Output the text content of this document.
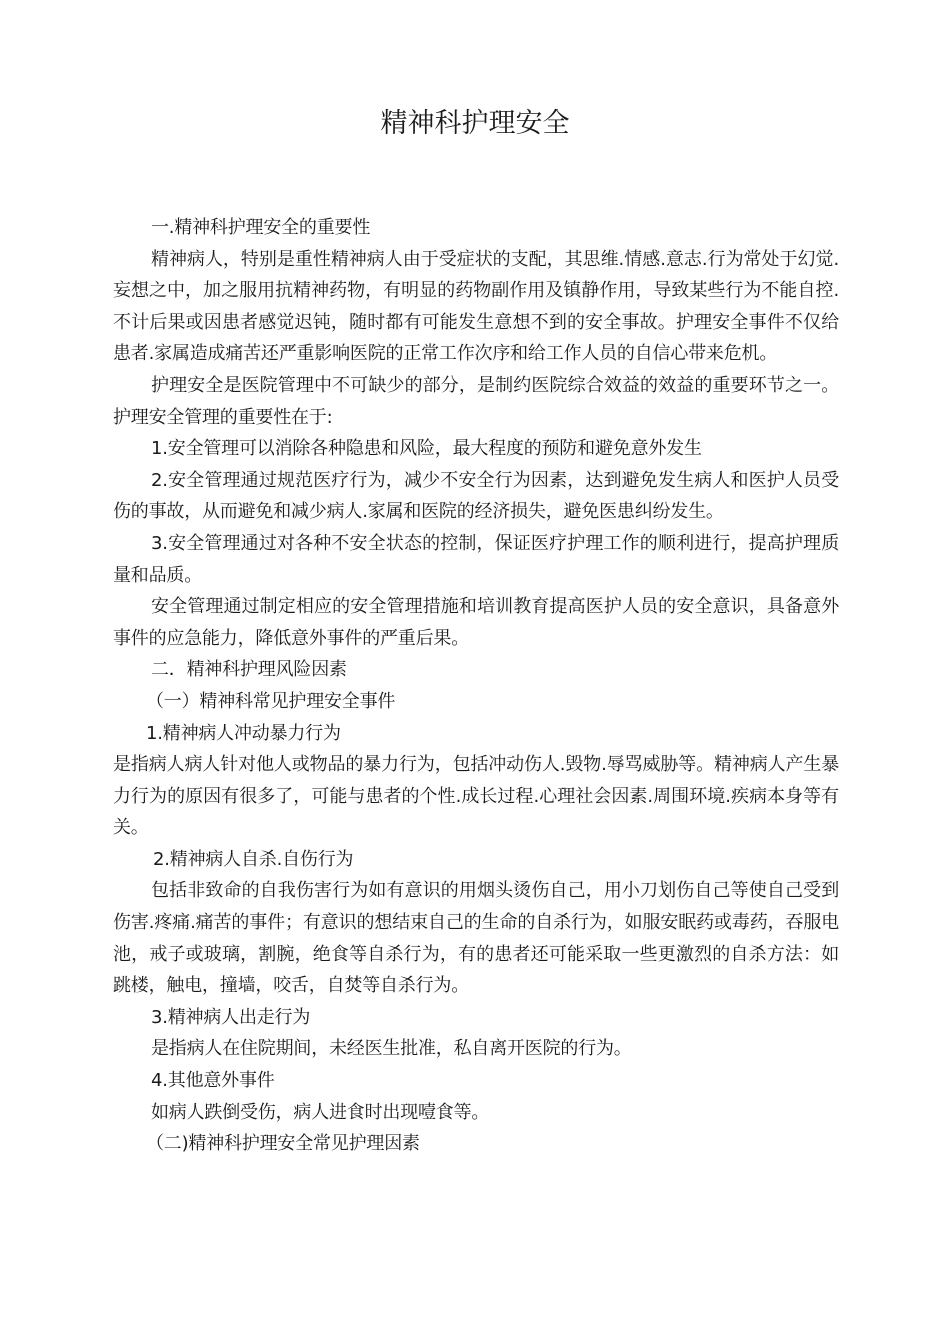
精神科护理安全

一.精神科护理安全的重要性

精神病人，特别是重性精神病人由于受症状的支配，其思维.情感.意志.行为常处于幻觉.妄想之中，加之服用抗精神药物，有明显的药物副作用及镇静作用，导致某些行为不能自控.不计后果或因患者感觉迟钝，随时都有可能发生意想不到的安全事故。护理安全事件不仅给患者.家属造成痛苦还严重影响医院的正常工作次序和给工作人员的自信心带来危机。

护理安全是医院管理中不可缺少的部分，是制约医院综合效益的效益的重要环节之一。护理安全管理的重要性在于:

1.安全管理可以消除各种隐患和风险，最大程度的预防和避免意外发生

2.安全管理通过规范医疗行为，减少不安全行为因素，达到避免发生病人和医护人员受伤的事故，从而避免和减少病人.家属和医院的经济损失，避免医患纠纷发生。

3.安全管理通过对各种不安全状态的控制，保证医疗护理工作的顺利进行，提高护理质量和品质。

安全管理通过制定相应的安全管理措施和培训教育提高医护人员的安全意识，具备意外事件的应急能力，降低意外事件的严重后果。

二．精神科护理风险因素

（一）精神科常见护理安全事件

1.精神病人冲动暴力行为

是指病人病人针对他人或物品的暴力行为，包括冲动伤人.毁物.辱骂威胁等。精神病人产生暴力行为的原因有很多了，可能与患者的个性.成长过程.心理社会因素.周围环境.疾病本身等有关。

2.精神病人自杀.自伤行为

包括非致命的自我伤害行为如有意识的用烟头烫伤自己，用小刀划伤自己等使自己受到伤害.疼痛.痛苦的事件；有意识的想结束自己的生命的自杀行为，如服安眠药或毒药，吞服电池，戒子或玻璃，割腕，绝食等自杀行为，有的患者还可能采取一些更激烈的自杀方法：如跳楼，触电，撞墙，咬舌，自焚等自杀行为。

3.精神病人出走行为

是指病人在住院期间，未经医生批准，私自离开医院的行为。

4.其他意外事件

如病人跌倒受伤，病人进食时出现噎食等。

（二)精神科护理安全常见护理因素
